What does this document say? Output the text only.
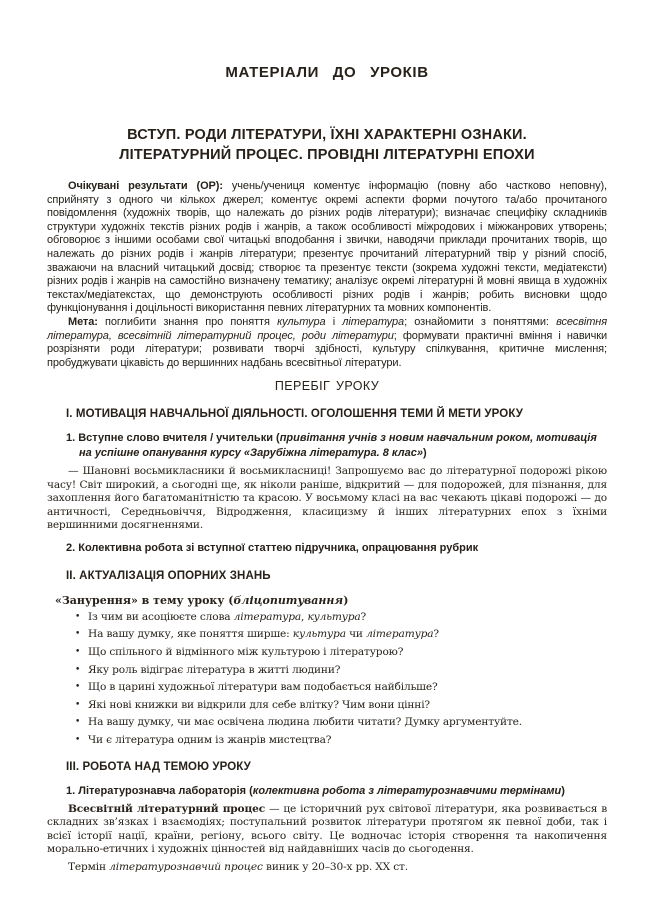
МАТЕРІАЛИ ДО УРОКІВ
ВСТУП. РОДИ ЛІТЕРАТУРИ, ЇХНІ ХАРАКТЕРНІ ОЗНАКИ.
ЛІТЕРАТУРНИЙ ПРОЦЕС. ПРОВІДНІ ЛІТЕРАТУРНІ ЕПОХИ

Очікувані результати (ОР): учень/учениця коментує інформацію (повну або частково неповну), сприйняту з одного чи кількох джерел; коментує окремі аспекти форми почутого та/або прочитаного повідомлення (художніх творів, що належать до різних родів літератури); визначає специфіку складників структури художніх текстів різних родів і жанрів, а також особливості міжродових і міжжанрових утворень; обговорює з іншими особами свої читацькі вподобання і звички, наводячи приклади прочитаних творів, що належать до різних родів і жанрів літератури; презентує прочитаний літературний твір у різний спосіб, зважаючи на власний читацький досвід; створює та презентує тексти (зокрема художні тексти, медіатексти) різних родів і жанрів на самостійно визначену тематику; аналізує окремі літературні й мовні явища в художніх текстах/медіатекстах, що демонструють особливості різних родів і жанрів; робить висновки щодо функціонування і доцільності використання певних літературних та мовних компонентів.

Мета: поглибити знання про поняття культура і література; ознайомити з поняттями: всесвітня література, всесвітній літературний процес, роди літератури; формувати практичні вміння і навички розрізняти роди літератури; розвивати творчі здібності, культуру спілкування, критичне мислення; пробуджувати цікавість до вершинних надбань всесвітньої літератури.

ПЕРЕБІГ УРОКУ
І. МОТИВАЦІЯ НАВЧАЛЬНОЇ ДІЯЛЬНОСТІ. ОГОЛОШЕННЯ ТЕМИ Й МЕТИ УРОКУ

1. Вступне слово вчителя / учительки (привітання учнів з новим навчальним роком, мотивація на успішне опанування курсу «Зарубіжна література. 8 клас»)

— Шановні восьмикласники й восьмикласниці! Запрошуємо вас до літературної подорожі рікою часу! Світ широкий, а сьогодні ще, як ніколи раніше, відкритий — для подорожей, для пізнання, для захоплення його багатоманітністю та красою. У восьмому класі на вас чекають цікаві подорожі — до античності, Середньовіччя, Відродження, класицизму й інших літературних епох з їхніми вершинними досягненнями.

2. Колективна робота зі вступної статтею підручника, опрацювання рубрик

ІІ. АКТУАЛІЗАЦІЯ ОПОРНИХ ЗНАНЬ

«Занурення» в тему уроку (бліцопитування)

• Із чим ви асоціюєте слова література, культура?
• На вашу думку, яке поняття ширше: культура чи література?
• Що спільного й відмінного між культурою і літературою?
• Яку роль відіграє література в житті людини?
• Що в царині художньої літератури вам подобається найбільше?
• Які нові книжки ви відкрили для себе влітку? Чим вони цінні?
• На вашу думку, чи має освічена людина любити читати? Думку аргументуйте.
• Чи є література одним із жанрів мистецтва?
ІІІ. РОБОТА НАД ТЕМОЮ УРОКУ

1. Літературознавча лабораторія (колективна робота з літературознавчими термінами)

Всесвітній літературний процес — це історичний рух світової літератури, яка розвивається в складних зв’язках і взаємодіях; поступальний розвиток літератури протягом як певної доби, так і всієї історії нації, країни, регіону, всього світу. Це водночас історія створення та накопичення морально-етичних і художніх цінностей від найдавніших часів до сьогодення.

Термін літературознавчий процес виник у 20–30-х рр. ХХ ст.
